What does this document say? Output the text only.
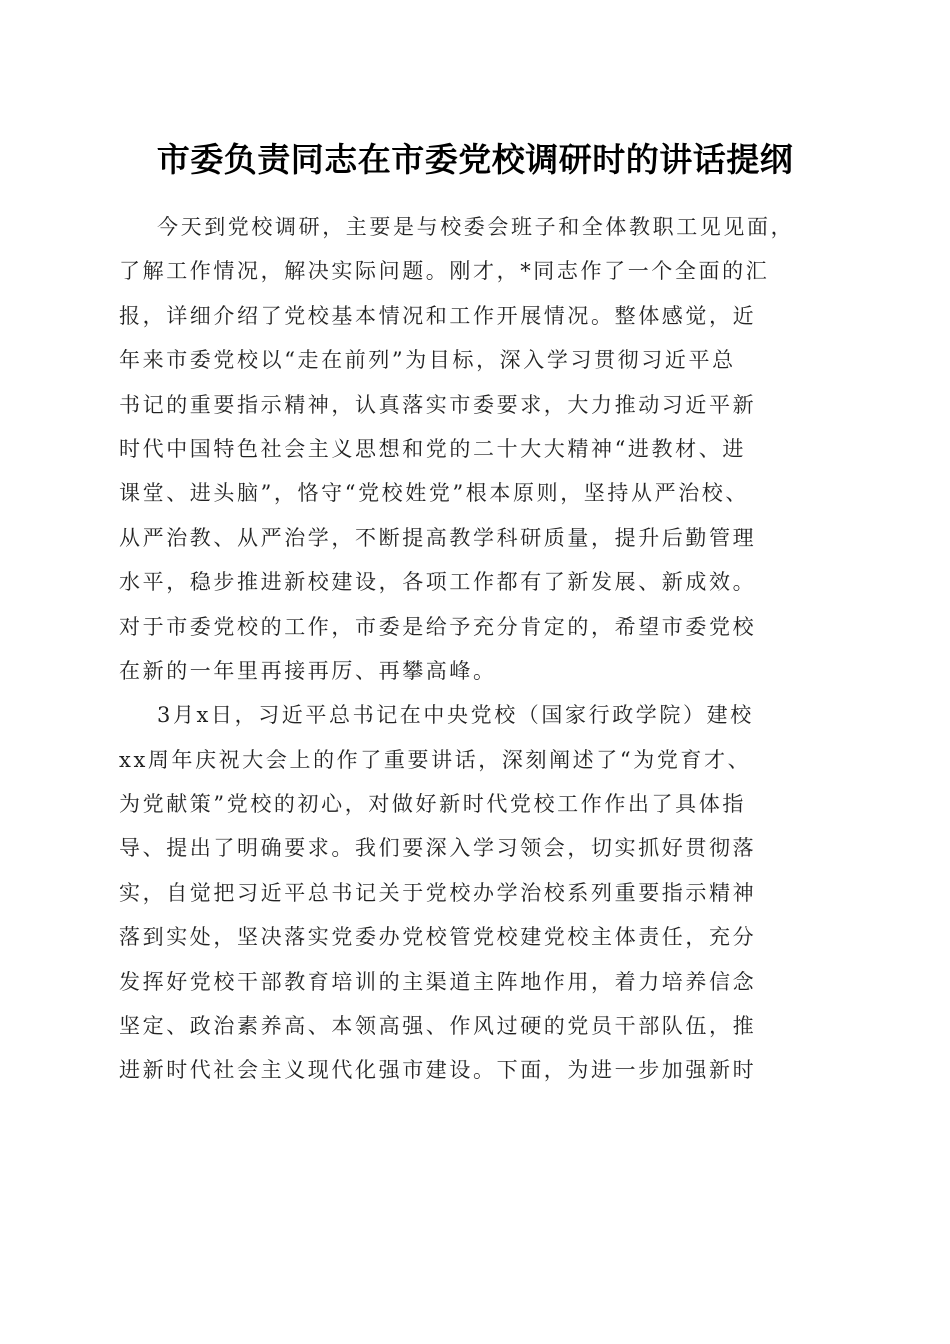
市委负责同志在市委党校调研时的讲话提纲
今天到党校调研，主要是与校委会班子和全体教职工见见面，
了解工作情况，解决实际问题。刚才，*同志作了一个全面的汇
报，详细介绍了党校基本情况和工作开展情况。整体感觉，近
年来市委党校以“走在前列”为目标，深入学习贯彻习近平总
书记的重要指示精神，认真落实市委要求，大力推动习近平新
时代中国特色社会主义思想和党的二十大大精神“进教材、进
课堂、进头脑”，恪守“党校姓党”根本原则，坚持从严治校、
从严治教、从严治学，不断提高教学科研质量，提升后勤管理
水平，稳步推进新校建设，各项工作都有了新发展、新成效。
对于市委党校的工作，市委是给予充分肯定的，希望市委党校
在新的一年里再接再厉、再攀高峰。
3月x日，习近平总书记在中央党校（国家行政学院）建校
xx周年庆祝大会上的作了重要讲话，深刻阐述了“为党育才、
为党献策”党校的初心，对做好新时代党校工作作出了具体指
导、提出了明确要求。我们要深入学习领会，切实抓好贯彻落
实，自觉把习近平总书记关于党校办学治校系列重要指示精神
落到实处，坚决落实党委办党校管党校建党校主体责任，充分
发挥好党校干部教育培训的主渠道主阵地作用，着力培养信念
坚定、政治素养高、本领高强、作风过硬的党员干部队伍，推
进新时代社会主义现代化强市建设。下面，为进一步加强新时
